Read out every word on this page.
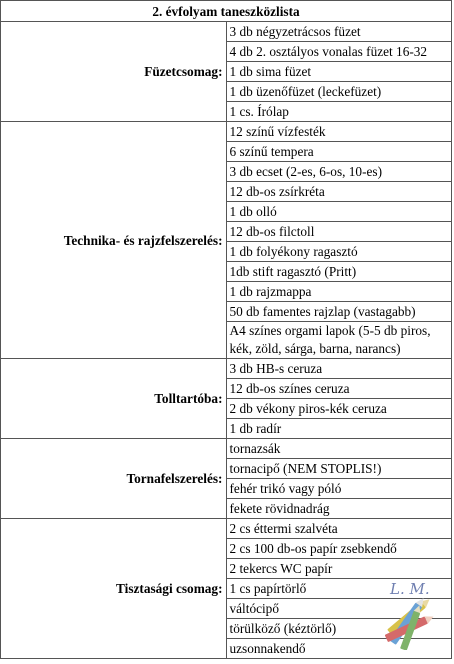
2. évfolyam taneszközlista	
Füzetcsomag:	3 db négyzetrácsos füzet
	4 db 2. osztályos vonalas füzet 16-32
	1 db sima füzet
	1 db üzenőfüzet (leckefüzet)
	1 cs. Írólap
Technika- és rajzfelszerelés:	12 színű vízfesték
	6 színű tempera
	3 db ecset (2-es, 6-os, 10-es)
	12 db-os zsírkréta
	1 db olló
	12 db-os filctoll
	1 db folyékony ragasztó
	1db stift ragasztó (Pritt)
	1 db rajzmappa
	50 db famentes rajzlap (vastagabb)
	A4 színes orgami lapok (5-5 db piros, kék, zöld, sárga, barna, narancs)
Tolltartóba:	3 db HB-s ceruza
	12 db-os színes ceruza
	2 db vékony piros-kék ceruza
	1 db radír
Tornafelszerelés:	tornazsák
	tornacipő (NEM STOPLIS!)
	fehér trikó vagy póló
	fekete rövidnadrág
Tisztasági csomag:	2 cs éttermi szalvéta
	2 cs 100 db-os papír zsebkendő
	2 tekercs WC papír
	1 cs papírtörlő
	váltócipő
	törülköző (kéztörlő)
	uzsonnakendő
L. M.
